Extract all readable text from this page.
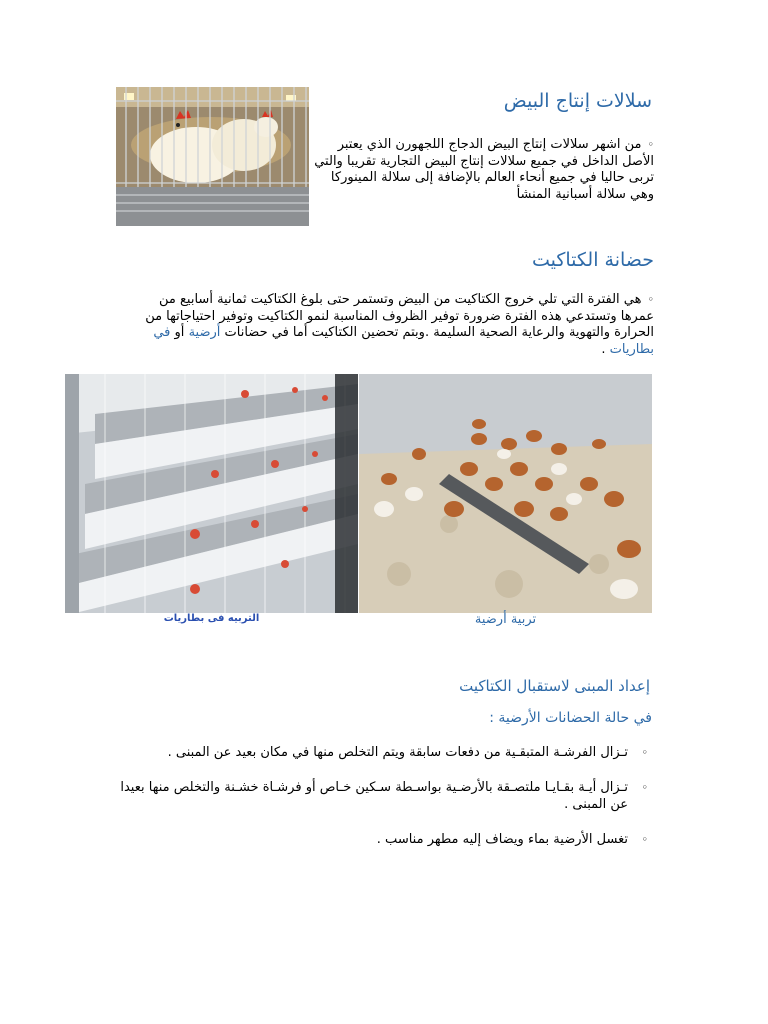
سلالات إنتاج البيض
◦من اشهر سلالات إنتاج البيض الدجاج اللجهورن الذي يعتبر الأصل الداخل في جميع سلالات إنتاج البيض التجارية تقريبا والتي تربى حاليا في جميع أنحاء العالم بالإضافة إلى سلالة المينوركا وهي سلالة أسبانية المنشأ
حضانة الكتاكيت
◦هي الفترة التي تلي خروج الكتاكيت من البيض وتستمر حتى بلوغ الكتاكيت ثمانية أسابيع من عمرها وتستدعي هذه الفترة ضرورة توفير الظروف المناسبة لنمو الكتاكيت وتوفير احتياجاتها من الحرارة والتهوية والرعاية الصحية السليمة .وبتم تحضين الكتاكيت أما في حضانات أرضية أو في بطاريات .
التربيه فى بطاريات	تربية أرضية
إعداد المبنى لاستقبال الكتاكيت
في حالة الحضانات الأرضية :
◦
تـزال الفرشـة المتبقـية من دفعات سابقة ويتم التخلص منها في مكان بعيد عن المبنى .
◦
تـزال أيـة بقـايـا ملتصـقة بالأرضـية بواسـطة سـكين خـاص أو فرشـاة خشـنة والتخلص منها بعيدا عن المبنى .
◦
تغسل الأرضية بماء ويضاف إليه مطهر مناسب .
